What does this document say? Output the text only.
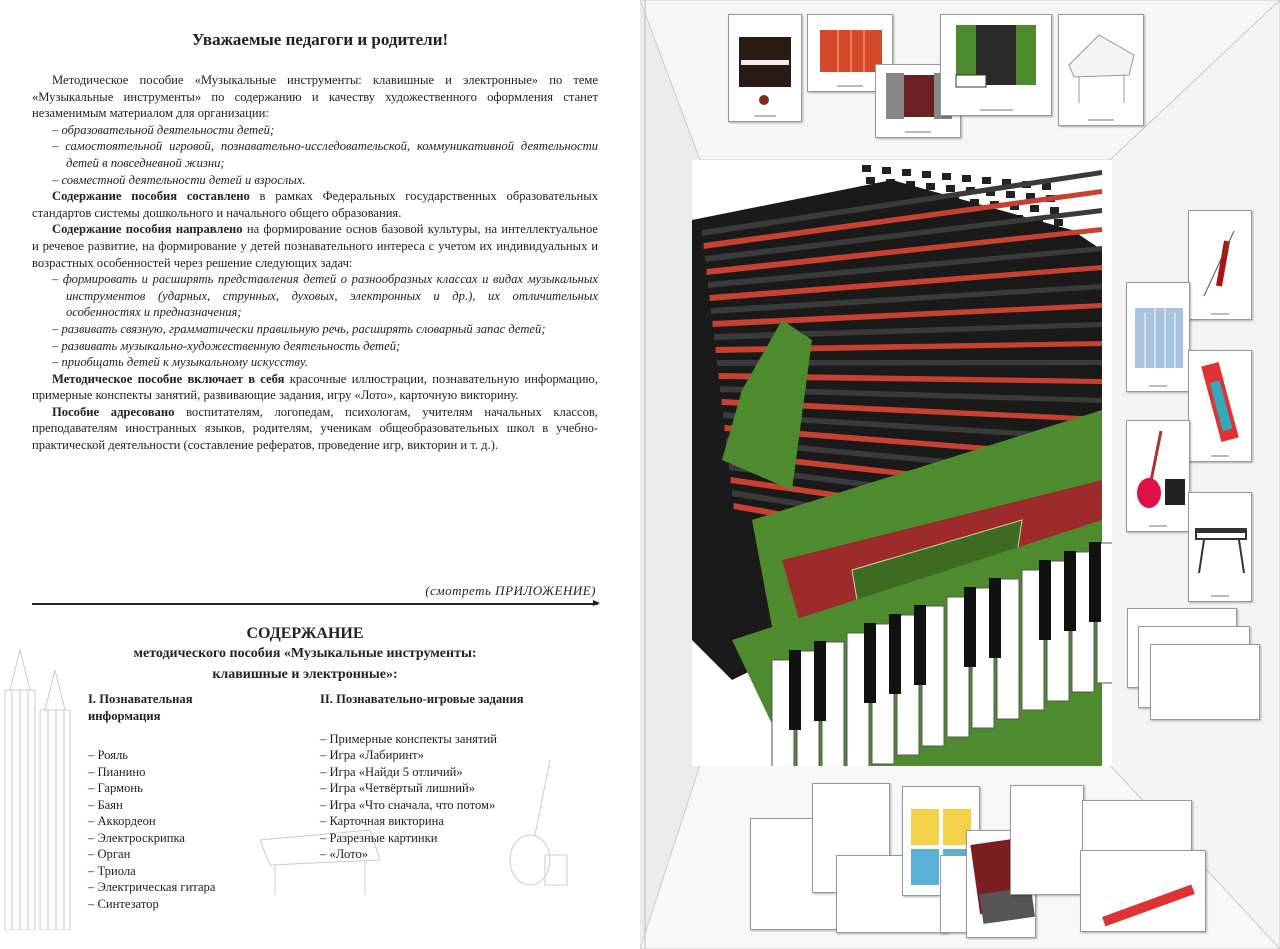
Уважаемые педагоги и родители!

Методическое пособие «Музыкальные инструменты: клавишные и электронные» по теме «Музыкальные инструменты» по содержанию и качеству художественного оформления станет незаменимым материалом для организации:

– образовательной деятельности детей;
– самостоятельной игровой, познавательно-исследовательской, коммуникативной деятельности детей в повседневной жизни;
– совместной деятельности детей и взрослых.

Содержание пособия составлено в рамках Федеральных государственных образовательных стандартов системы дошкольного и начального общего образования.

Содержание пособия направлено на формирование основ базовой культуры, на интеллектуальное и речевое развитие, на формирование у детей познавательного интереса с учетом их индивидуальных и возрастных особенностей через решение следующих задач:

– формировать и расширять представления детей о разнообразных классах и видах музыкальных инструментов (ударных, струнных, духовых, электронных и др.), их отличительных особенностях и предназначения;
– развивать связную, грамматически правильную речь, расширять словарный запас детей;
– развивать музыкально-художественную деятельность детей;
– приобщать детей к музыкальному искусству.

Методическое пособие включает в себя красочные иллюстрации, познавательную информацию, примерные конспекты занятий, развивающие задания, игру «Лото», карточную викторину.

Пособие адресовано воспитателям, логопедам, психологам, учителям начальных классов, преподавателям иностранных языков, родителям, ученикам общеобразовательных школ в учебно-практической деятельности (составление рефератов, проведение игр, викторин и т. д.).

(смотреть ПРИЛОЖЕНИЕ)
СОДЕРЖАНИЕ
методического пособия «Музыкальные инструменты:
клавишные и электронные»:
I. Познавательная информация
– Рояль
– Пианино
– Гармонь
– Баян
– Аккордеон
– Электроскрипка
– Орган
– Триола
– Электрическая гитара
– Синтезатор
II. Познавательно-игровые задания
– Примерные конспекты занятий
– Игра «Лабиринт»
– Игра «Найди 5 отличий»
– Игра «Четвёртый лишний»
– Игра «Что сначала, что потом»
– Карточная викторина
– Разрезные картинки
– «Лото»
